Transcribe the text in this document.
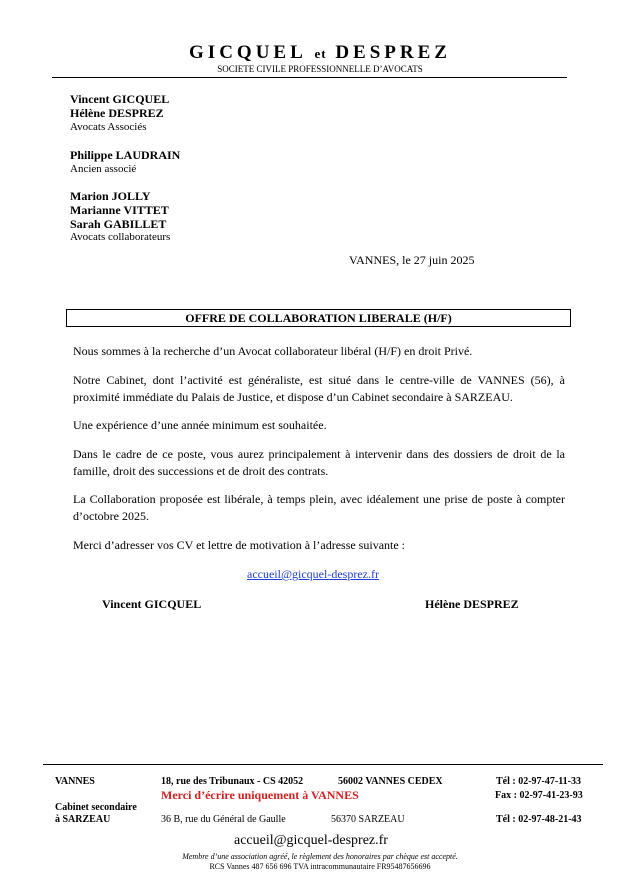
GICQUEL et DESPREZ
SOCIETE CIVILE PROFESSIONNELLE D’AVOCATS
Vincent GICQUEL
Hélène DESPREZ
Avocats Associés
Philippe LAUDRAIN
Ancien associé
Marion JOLLY
Marianne VITTET
Sarah GABILLET
Avocats collaborateurs
VANNES, le 27 juin 2025
OFFRE DE COLLABORATION LIBERALE (H/F)
Nous sommes à la recherche d’un Avocat collaborateur libéral (H/F) en droit Privé.
Notre Cabinet, dont l’activité est généraliste, est situé dans le centre-ville de VANNES (56), à proximité immédiate du Palais de Justice, et dispose d’un Cabinet secondaire à SARZEAU.
Une expérience d’une année minimum est souhaitée.
Dans le cadre de ce poste, vous aurez principalement à intervenir dans des dossiers de droit de la famille, droit des successions et de droit des contrats.
La Collaboration proposée est libérale, à temps plein, avec idéalement une prise de poste à compter d’octobre 2025.
Merci d’adresser vos CV et lettre de motivation à l’adresse suivante :
accueil@gicquel-desprez.fr
Vincent GICQUEL	Hélène DESPREZ
VANNES	18, rue des Tribunaux - CS 42052	56002 VANNES CEDEX	Tél : 02-97-47-11-33
Merci d’écrire uniquement à VANNES	Fax : 02-97-41-23-93
Cabinet secondaire
à SARZEAU	36 B, rue du Général de Gaulle	56370 SARZEAU	Tél : 02-97-48-21-43
accueil@gicquel-desprez.fr
Membre d’une association agréé, le règlement des honoraires par chèque est accepté.
RCS Vannes 487 656 696 TVA intracommunautaire FR95487656696
